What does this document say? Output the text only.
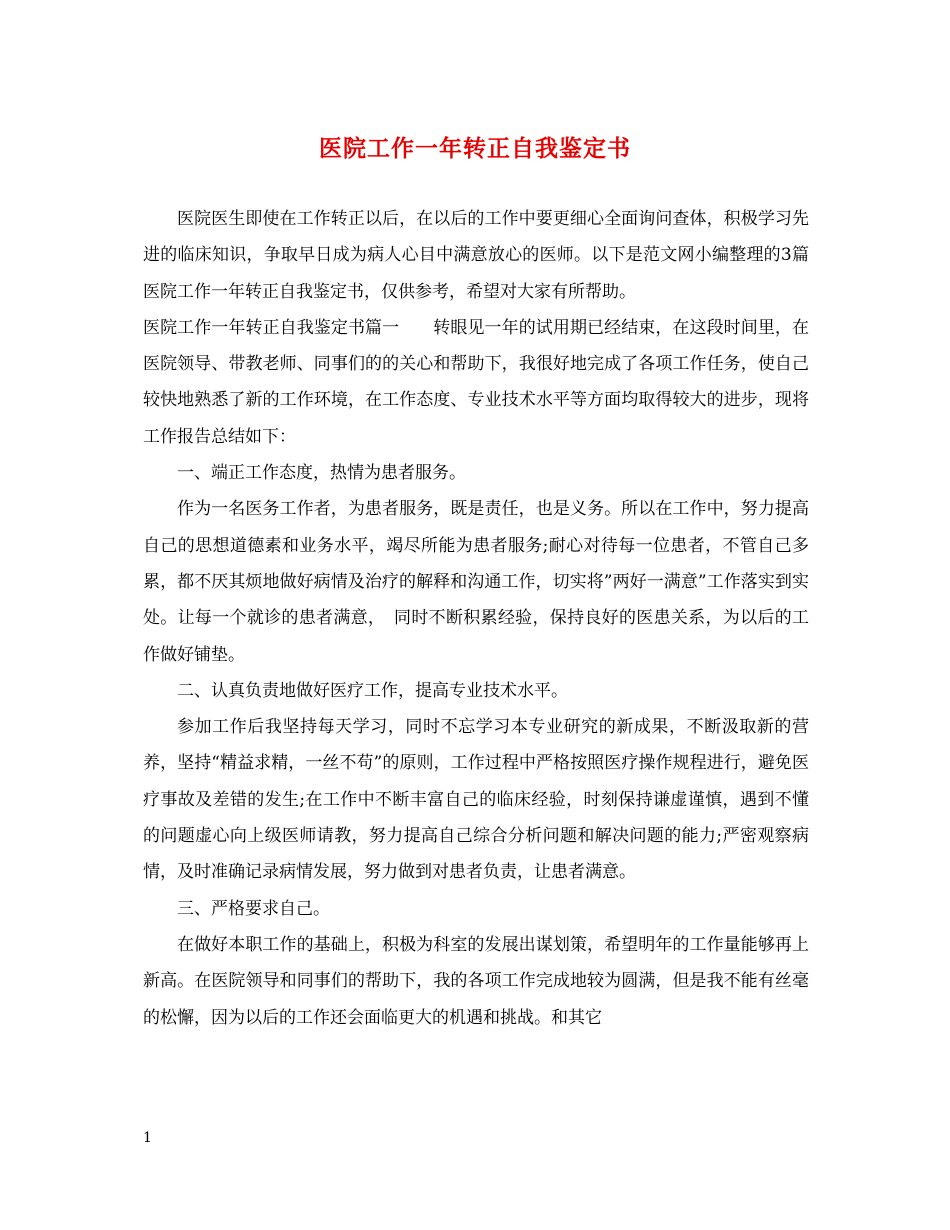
医院工作一年转正自我鉴定书

医院医生即使在工作转正以后，在以后的工作中要更细心全面询问查体，积极学习先进的临床知识，争取早日成为病人心目中满意放心的医师。以下是范文网小编整理的3篇医院工作一年转正自我鉴定书，仅供参考，希望对大家有所帮助。

医院工作一年转正自我鉴定书篇一 转眼见一年的试用期已经结束，在这段时间里，在医院领导、带教老师、同事们的的关心和帮助下，我很好地完成了各项工作任务，使自己较快地熟悉了新的工作环境，在工作态度、专业技术水平等方面均取得较大的进步，现将工作报告总结如下：

一、端正工作态度，热情为患者服务。

作为一名医务工作者，为患者服务，既是责任，也是义务。所以在工作中，努力提高自己的思想道德素和业务水平，竭尽所能为患者服务;耐心对待每一位患者，不管自己多累，都不厌其烦地做好病情及治疗的解释和沟通工作，切实将”两好一满意”工作落实到实处。让每一个就诊的患者满意，　同时不断积累经验，保持良好的医患关系，为以后的工作做好铺垫。

二、认真负责地做好医疗工作，提高专业技术水平。

参加工作后我坚持每天学习，同时不忘学习本专业研究的新成果，不断汲取新的营养，坚持“精益求精，一丝不苟”的原则，工作过程中严格按照医疗操作规程进行，避免医疗事故及差错的发生;在工作中不断丰富自己的临床经验，时刻保持谦虚谨慎，遇到不懂的问题虚心向上级医师请教，努力提高自己综合分析问题和解决问题的能力;严密观察病情，及时准确记录病情发展，努力做到对患者负责，让患者满意。

三、严格要求自己。

在做好本职工作的基础上，积极为科室的发展出谋划策，希望明年的工作量能够再上新高。在医院领导和同事们的帮助下，我的各项工作完成地较为圆满，但是我不能有丝毫的松懈，因为以后的工作还会面临更大的机遇和挑战。和其它

1
